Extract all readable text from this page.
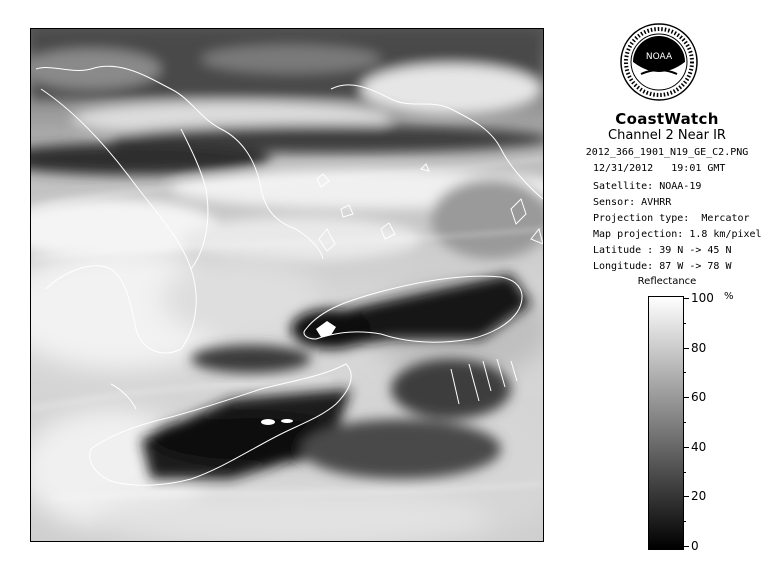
NOAA
CoastWatch
Channel 2 Near IR
2012_366_1901_N19_GE_C2.PNG
12/31/2012   19:01 GMT
Satellite: NOAA-19
Sensor: AVHRR
Projection type:  Mercator
Map projection: 1.8 km/pixel
Latitude : 39 N -> 45 N
Longitude: 87 W -> 78 W
Reflectance
%
100
80
60
40
20
0
